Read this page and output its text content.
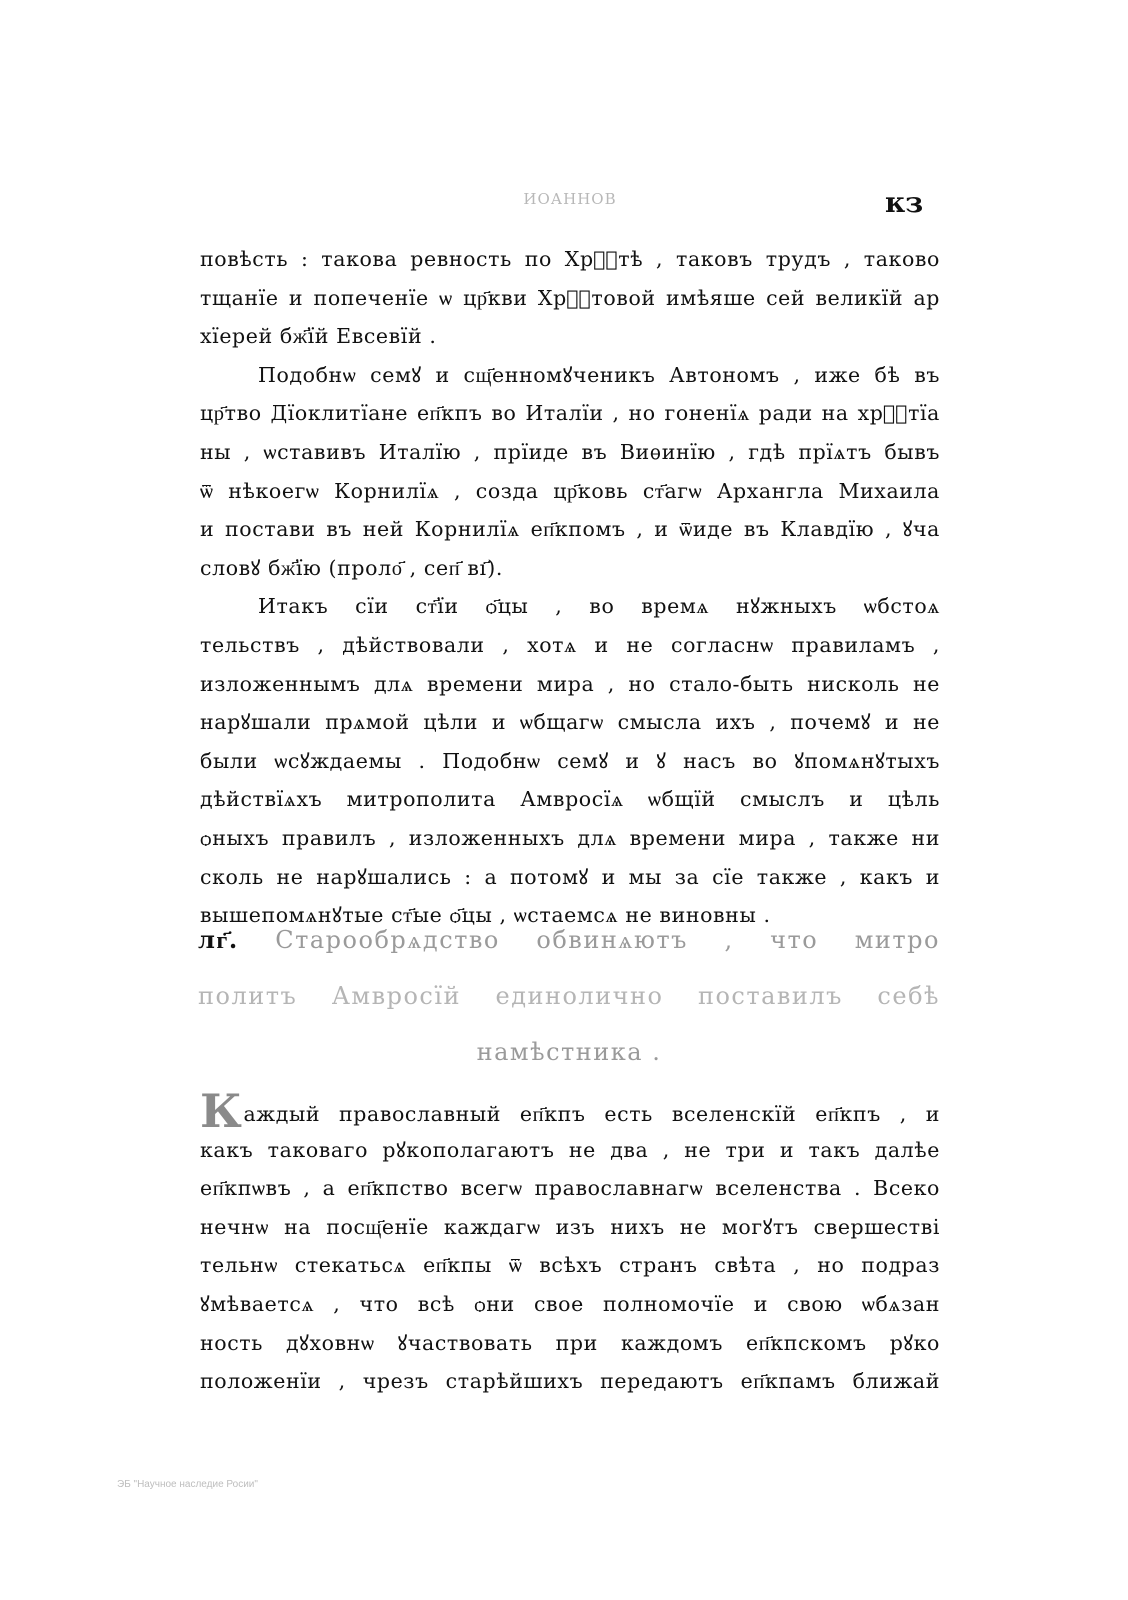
ИОАННОВ	кз
повѣсть : такова ревность по Хрⷭ҇тѣ , таковъ трудъ , таково
тщанїе и попеченїе ѡ цр҃кви Хрⷭ҇товой имѣяше сей великїй ар
хїерей бж҃їй Евсевїй .
Подобнѡ семꙋ и сщ҃енномꙋченикъ Автономъ , иже бѣ въ
цр҃тво Дїоклитїане еп҃кпъ во Италїи , но гоненїѧ ради на хрⷭ҇тїа
ны , ѡставивъ Италїю , прїиде въ Виѳинїю , гдѣ прїѧтъ бывъ
ѿ нѣкоегѡ Корнилїѧ , созда цр҃ковь ст҃агѡ Архангла Михаила
и постави въ ней Корнилїѧ еп҃кпомъ , и ѿиде въ Клавдїю , ꙋча
словꙋ бж҃їю (проло҃ , сеп҃ вı҃).
Итакъ сїи ст҃їи ѻ҃цы , во времѧ нꙋжныхъ ѡбстоѧ
тельствъ , дѣйствовали , хотѧ и не согласнѡ правиламъ ,
изложеннымъ длѧ времени мира , но стало-быть нисколь не
нарꙋшали прѧмой цѣли и ѡбщагѡ смысла ихъ , почемꙋ и не
были ѡсꙋждаемы . Подобнѡ семꙋ и ꙋ насъ во ꙋпомѧнꙋтыхъ
дѣйствїѧхъ митрополита Амвросїѧ ѡбщїй смыслъ и цѣль
ѻныхъ правилъ , изложенныхъ длѧ времени мира , также ни
сколь не нарꙋшались : а потомꙋ и мы за сїе также , какъ и
вышепомѧнꙋтые ст҃ые ѻ҃цы , ѡстаемсѧ не виновны .
лг҃. Старообрѧдство обвинѧютъ , что митро
политъ Амвросїй единолично поставилъ себѣ
намѣстника .
Каждый православный еп҃кпъ есть вселенскїй еп҃кпъ , и
какъ таковаго рꙋкополагаютъ не два , не три и такъ далѣе
еп҃кпѡвъ , а еп҃кпство всегѡ православнагѡ вселенства . Всеко
нечнѡ на посщ҃енїе каждагѡ изъ нихъ не могꙋтъ свершествi
тельнѡ стекатьсѧ еп҃кпы ѿ всѣхъ странъ свѣта , но подраз
ꙋмѣваетсѧ , что всѣ ѻни свое полномочїе и свою ѡбѧзан
ность дꙋховнѡ ꙋчаствовать при каждомъ еп҃кпскомъ рꙋко
положенїи , чрезъ старѣйшихъ передаютъ еп҃кпамъ ближай
ЭБ "Научное наследие Росии"
